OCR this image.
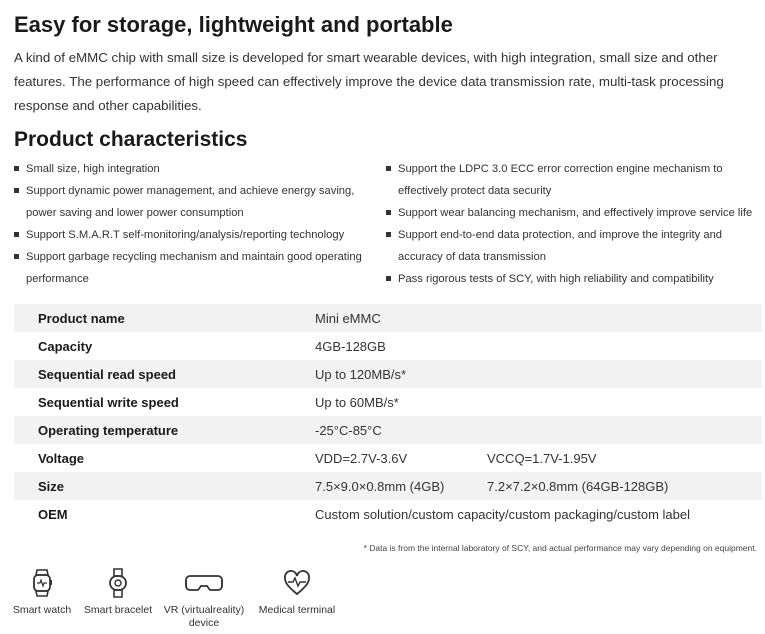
Easy for storage, lightweight and portable

A kind of eMMC chip with small size is developed for smart wearable devices, with high integration, small size and other features. The performance of high speed can effectively improve the device data transmission rate, multi-task processing response and other capabilities.

Product characteristics
Small size, high integration
Support dynamic power management, and achieve energy saving, power saving and lower power consumption
Support S.M.A.R.T self-monitoring/analysis/reporting technology
Support garbage recycling mechanism and maintain good operating performance
Support the LDPC 3.0 ECC error correction engine mechanism to effectively protect data security
Support wear balancing mechanism, and effectively improve service life
Support end-to-end data protection, and improve the integrity and accuracy of data transmission
Pass rigorous tests of SCY, with high reliability and compatibility
Product name	Mini eMMC	
Capacity	4GB-128GB	
Sequential read speed	Up to 120MB/s*	
Sequential write speed	Up to 60MB/s*	
Operating temperature	-25°C-85°C	
Voltage	VDD=2.7V-3.6V	VCCQ=1.7V-1.95V
Size	7.5×9.0×0.8mm (4GB)	7.2×7.2×0.8mm (64GB-128GB)
OEM	Custom solution/custom capacity/custom packaging/custom label	
* Data is from the internal laboratory of SCY, and actual performance may vary depending on equipment.
Smart watch Smart bracelet VR (virtualreality) device
Medical terminal
